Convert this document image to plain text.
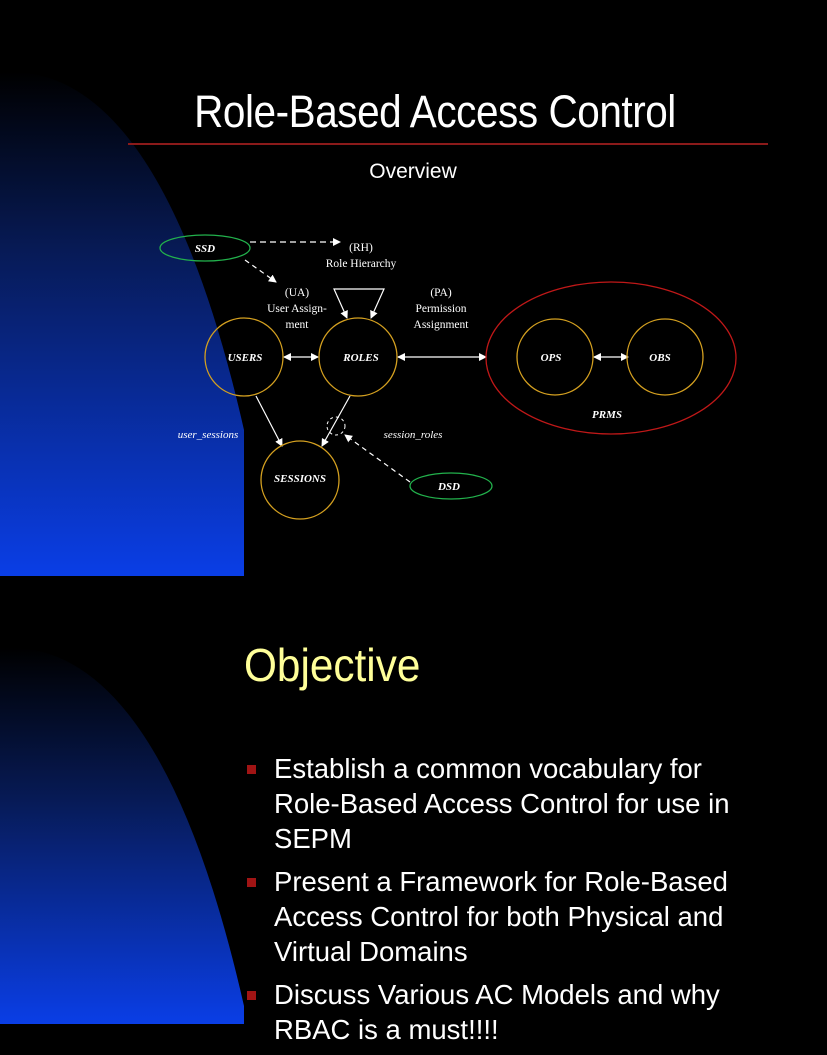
Role-Based Access Control
Overview
SSD
DSD
USERS	ROLES
SESSIONS
OPS	OBS
PRMS
(RH)
Role Hierarchy
(UA)
User Assign-
ment
(PA)
Permission
Assignment
user_sessions	session_roles
Objective
Establish a common vocabulary for Role-Based Access Control for use in SEPM
Present a Framework for Role-Based Access Control for both Physical and Virtual Domains
Discuss Various AC Models and why RBAC is a must!!!!
